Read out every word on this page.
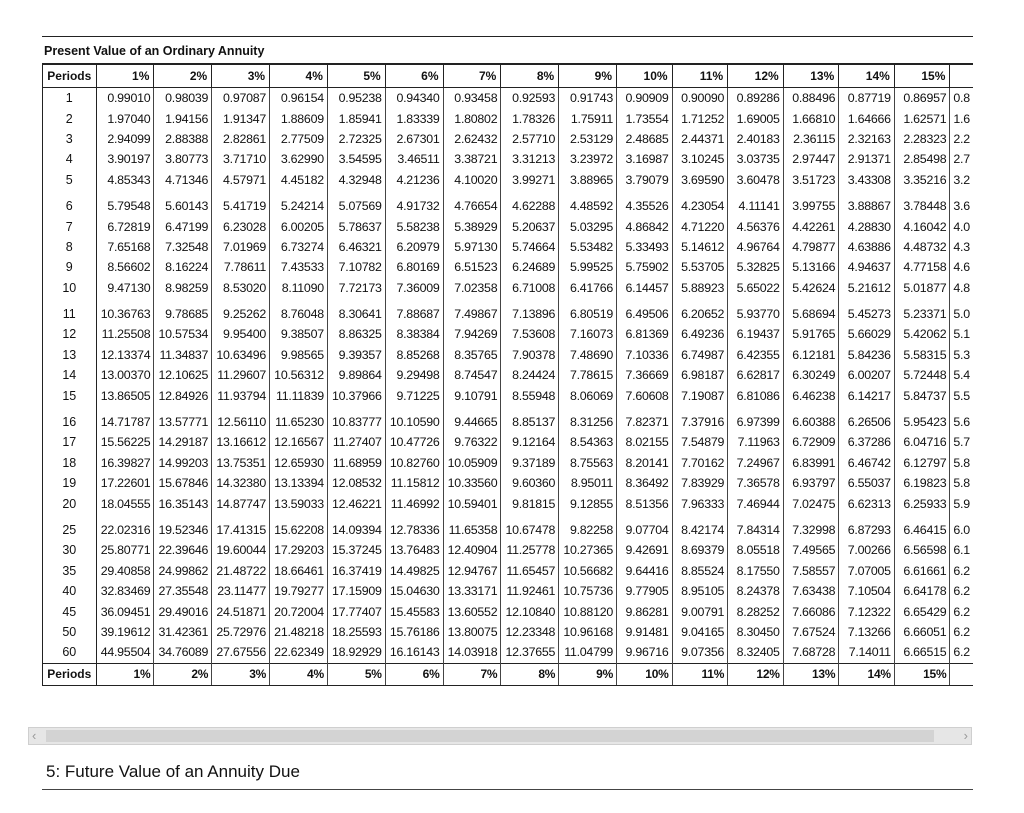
Present Value of an Ordinary Annuity
Periods	1%	2%	3%	4%	5%	6%	7%	8%	9%	10%	11%	12%	13%	14%	15%	
1	0.99010	0.98039	0.97087	0.96154	0.95238	0.94340	0.93458	0.92593	0.91743	0.90909	0.90090	0.89286	0.88496	0.87719	0.86957	0.8
2	1.97040	1.94156	1.91347	1.88609	1.85941	1.83339	1.80802	1.78326	1.75911	1.73554	1.71252	1.69005	1.66810	1.64666	1.62571	1.6
3	2.94099	2.88388	2.82861	2.77509	2.72325	2.67301	2.62432	2.57710	2.53129	2.48685	2.44371	2.40183	2.36115	2.32163	2.28323	2.2
4	3.90197	3.80773	3.71710	3.62990	3.54595	3.46511	3.38721	3.31213	3.23972	3.16987	3.10245	3.03735	2.97447	2.91371	2.85498	2.7
5	4.85343	4.71346	4.57971	4.45182	4.32948	4.21236	4.10020	3.99271	3.88965	3.79079	3.69590	3.60478	3.51723	3.43308	3.35216	3.2
6	5.79548	5.60143	5.41719	5.24214	5.07569	4.91732	4.76654	4.62288	4.48592	4.35526	4.23054	4.11141	3.99755	3.88867	3.78448	3.6
7	6.72819	6.47199	6.23028	6.00205	5.78637	5.58238	5.38929	5.20637	5.03295	4.86842	4.71220	4.56376	4.42261	4.28830	4.16042	4.0
8	7.65168	7.32548	7.01969	6.73274	6.46321	6.20979	5.97130	5.74664	5.53482	5.33493	5.14612	4.96764	4.79877	4.63886	4.48732	4.3
9	8.56602	8.16224	7.78611	7.43533	7.10782	6.80169	6.51523	6.24689	5.99525	5.75902	5.53705	5.32825	5.13166	4.94637	4.77158	4.6
10	9.47130	8.98259	8.53020	8.11090	7.72173	7.36009	7.02358	6.71008	6.41766	6.14457	5.88923	5.65022	5.42624	5.21612	5.01877	4.8
11	10.36763	9.78685	9.25262	8.76048	8.30641	7.88687	7.49867	7.13896	6.80519	6.49506	6.20652	5.93770	5.68694	5.45273	5.23371	5.0
12	11.25508	10.57534	9.95400	9.38507	8.86325	8.38384	7.94269	7.53608	7.16073	6.81369	6.49236	6.19437	5.91765	5.66029	5.42062	5.1
13	12.13374	11.34837	10.63496	9.98565	9.39357	8.85268	8.35765	7.90378	7.48690	7.10336	6.74987	6.42355	6.12181	5.84236	5.58315	5.3
14	13.00370	12.10625	11.29607	10.56312	9.89864	9.29498	8.74547	8.24424	7.78615	7.36669	6.98187	6.62817	6.30249	6.00207	5.72448	5.4
15	13.86505	12.84926	11.93794	11.11839	10.37966	9.71225	9.10791	8.55948	8.06069	7.60608	7.19087	6.81086	6.46238	6.14217	5.84737	5.5
16	14.71787	13.57771	12.56110	11.65230	10.83777	10.10590	9.44665	8.85137	8.31256	7.82371	7.37916	6.97399	6.60388	6.26506	5.95423	5.6
17	15.56225	14.29187	13.16612	12.16567	11.27407	10.47726	9.76322	9.12164	8.54363	8.02155	7.54879	7.11963	6.72909	6.37286	6.04716	5.7
18	16.39827	14.99203	13.75351	12.65930	11.68959	10.82760	10.05909	9.37189	8.75563	8.20141	7.70162	7.24967	6.83991	6.46742	6.12797	5.8
19	17.22601	15.67846	14.32380	13.13394	12.08532	11.15812	10.33560	9.60360	8.95011	8.36492	7.83929	7.36578	6.93797	6.55037	6.19823	5.8
20	18.04555	16.35143	14.87747	13.59033	12.46221	11.46992	10.59401	9.81815	9.12855	8.51356	7.96333	7.46944	7.02475	6.62313	6.25933	5.9
25	22.02316	19.52346	17.41315	15.62208	14.09394	12.78336	11.65358	10.67478	9.82258	9.07704	8.42174	7.84314	7.32998	6.87293	6.46415	6.0
30	25.80771	22.39646	19.60044	17.29203	15.37245	13.76483	12.40904	11.25778	10.27365	9.42691	8.69379	8.05518	7.49565	7.00266	6.56598	6.1
35	29.40858	24.99862	21.48722	18.66461	16.37419	14.49825	12.94767	11.65457	10.56682	9.64416	8.85524	8.17550	7.58557	7.07005	6.61661	6.2
40	32.83469	27.35548	23.11477	19.79277	17.15909	15.04630	13.33171	11.92461	10.75736	9.77905	8.95105	8.24378	7.63438	7.10504	6.64178	6.2
45	36.09451	29.49016	24.51871	20.72004	17.77407	15.45583	13.60552	12.10840	10.88120	9.86281	9.00791	8.28252	7.66086	7.12322	6.65429	6.2
50	39.19612	31.42361	25.72976	21.48218	18.25593	15.76186	13.80075	12.23348	10.96168	9.91481	9.04165	8.30450	7.67524	7.13266	6.66051	6.2
60	44.95504	34.76089	27.67556	22.62349	18.92929	16.16143	14.03918	12.37655	11.04799	9.96716	9.07356	8.32405	7.68728	7.14011	6.66515	6.2
Periods	1%	2%	3%	4%	5%	6%	7%	8%	9%	10%	11%	12%	13%	14%	15%	
‹	›
5: Future Value of an Annuity Due
